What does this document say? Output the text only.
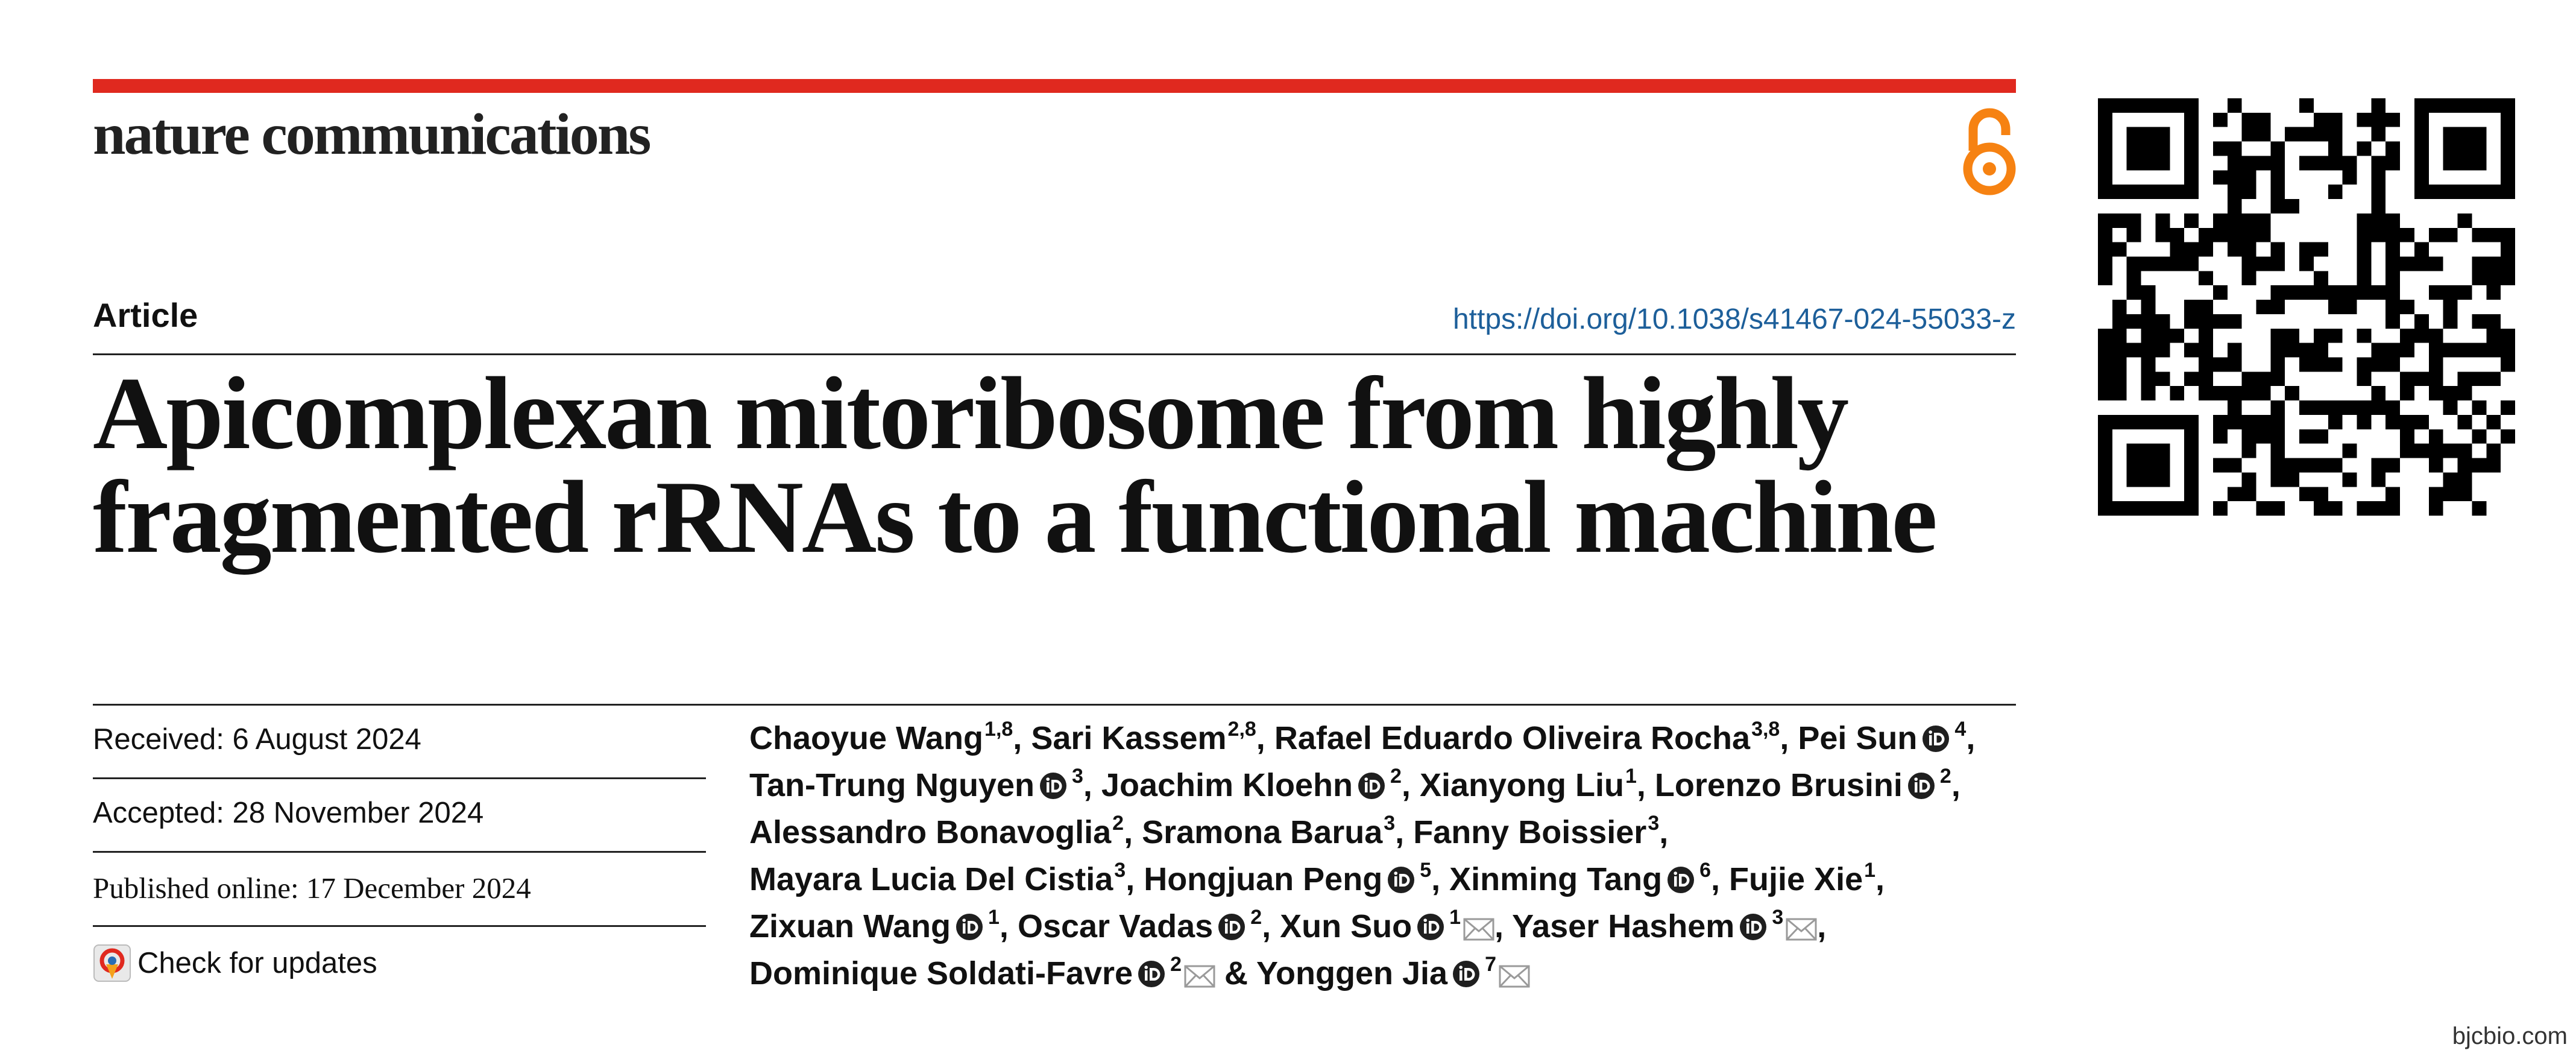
nature communications
Article	https://doi.org/10.1038/s41467-024-55033-z
Apicomplexan mitoribosome from highly
fragmented rRNAs to a functional machine
Received: 6 August 2024
Accepted: 28 November 2024
Published online: 17 December 2024
Check for updates
Chaoyue Wang$^{1,8}$, Sari Kassem$^{2,8}$, Rafael Eduardo Oliveira Rocha$^{3,8}$, Pei Sun $^4$,
Tan-Trung Nguyen $^3$, Joachim Kloehn $^2$, Xianyong Liu$^1$, Lorenzo Brusini $^2$,
Alessandro Bonavoglia$^2$, Sramona Barua$^3$, Fanny Boissier$^3$,
Mayara Lucia Del Cistia$^3$, Hongjuan Peng $^5$, Xinming Tang $^6$, Fujie Xie$^1$,
Zixuan Wang $^1$, Oscar Vadas $^2$, Xun Suo $^1$ , Yaser Hashem $^3$ ,
Dominique Soldati-Favre $^2$ & Yonggen Jia $^7$
bjcbio.com
